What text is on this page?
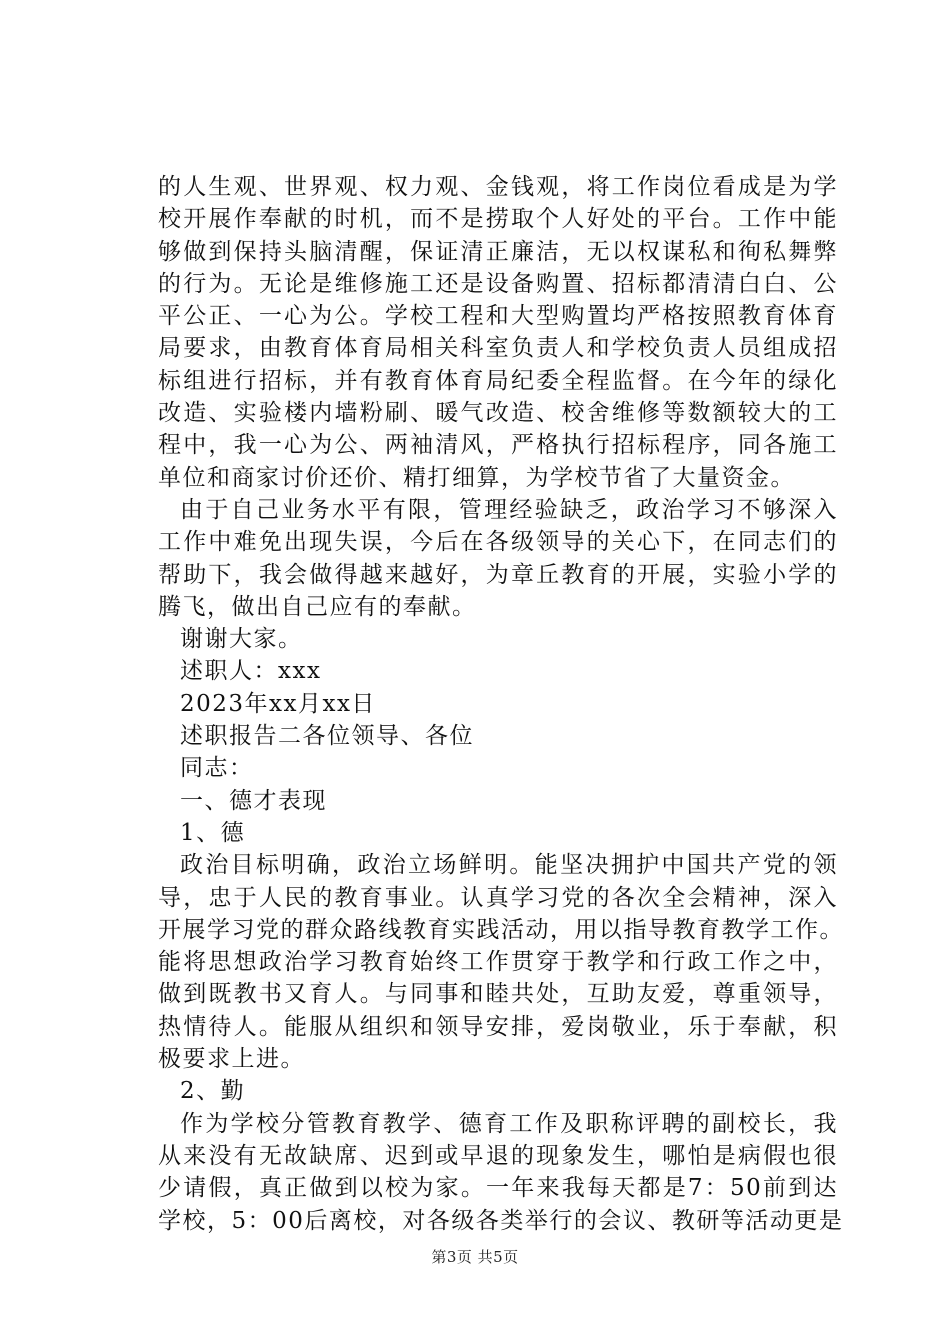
的人生观、世界观、权力观、金钱观，将工作岗位看成是为学
校开展作奉献的时机，而不是捞取个人好处的平台。工作中能
够做到保持头脑清醒，保证清正廉洁，无以权谋私和徇私舞弊
的行为。无论是维修施工还是设备购置、招标都清清白白、公
平公正、一心为公。学校工程和大型购置均严格按照教育体育
局要求，由教育体育局相关科室负责人和学校负责人员组成招
标组进行招标，并有教育体育局纪委全程监督。在今年的绿化
改造、实验楼内墙粉刷、暖气改造、校舍维修等数额较大的工
程中，我一心为公、两袖清风，严格执行招标程序，同各施工
单位和商家讨价还价、精打细算，为学校节省了大量资金。
由于自己业务水平有限，管理经验缺乏，政治学习不够深入
工作中难免出现失误，今后在各级领导的关心下，在同志们的
帮助下，我会做得越来越好，为章丘教育的开展，实验小学的
腾飞，做出自己应有的奉献。
谢谢大家。
述职人：xxx
2023年xx月xx日
述职报告二各位领导、各位
同志：
一、德才表现
1、德
政治目标明确，政治立场鲜明。能坚决拥护中国共产党的领
导，忠于人民的教育事业。认真学习党的各次全会精神，深入
开展学习党的群众路线教育实践活动，用以指导教育教学工作。
能将思想政治学习教育始终工作贯穿于教学和行政工作之中，
做到既教书又育人。与同事和睦共处，互助友爱，尊重领导，
热情待人。能服从组织和领导安排，爱岗敬业，乐于奉献，积
极要求上进。
2、勤
作为学校分管教育教学、德育工作及职称评聘的副校长，我
从来没有无故缺席、迟到或早退的现象发生，哪怕是病假也很
少请假，真正做到以校为家。一年来我每天都是7：50前到达
学校，5：00后离校，对各级各类举行的会议、教研等活动更是
第3页 共5页
